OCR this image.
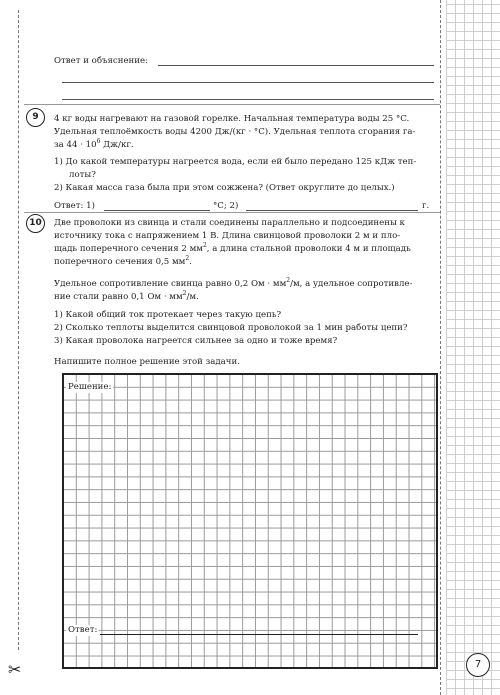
Ответ и объяснение:
9	4 кг воды нагревают на газовой горелке. Начальная температура воды 25 °C.
Удельная теплоёмкость воды 4200 Дж/(кг · °C). Удельная теплота сгорания га-
за $44 \cdot 10^6$ Дж/кг.
1) До какой температуры нагреется вода, если ей было передано 125 кДж теп-
лоты?
2) Какая масса газа была при этом сожжена? (Ответ округлите до целых.)
Ответ: 1)	°C; 2)	г.
10	Две проволоки из свинца и стали соединены параллельно и подсоединены к
источнику тока с напряжением 1 В. Длина свинцовой проволоки 2 м и пло-
щадь поперечного сечения 2 $мм^2$, а длина стальной проволоки 4 м и площадь
поперечного сечения 0,5 $мм^2$.
Удельное сопротивление свинца равно 0,2 Ом · $мм^2/м$, а удельное сопротивле-
ние стали равно 0,1 Ом · $мм^2/м$.
1) Какой общий ток протекает через такую цепь?
2) Сколько теплоты выделится свинцовой проволокой за 1 мин работы цепи?
3) Какая проволока нагреется сильнее за одно и тоже время?
Напишите полное решение этой задачи.
Решение:
Ответ:
✂	7
